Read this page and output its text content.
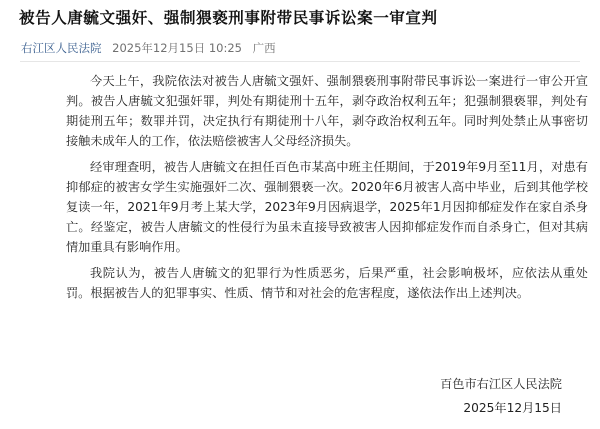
被告人唐毓文强奸、强制猥亵刑事附带民事诉讼案一审宣判
右江区人民法院 2025年12月15日 10:25 广西

今天上午，我院依法对被告人唐毓文强奸、强制猥亵刑事附带民事诉讼一案进行一审公开宣判。被告人唐毓文犯强奸罪，判处有期徒刑十五年，剥夺政治权利五年；犯强制猥亵罪，判处有期徒刑五年；数罪并罚，决定执行有期徒刑十八年，剥夺政治权利五年。同时判处禁止从事密切接触未成年人的工作，依法赔偿被害人父母经济损失。

经审理查明，被告人唐毓文在担任百色市某高中班主任期间，于2019年9月至11月，对患有抑郁症的被害女学生实施强奸二次、强制猥亵一次。2020年6月被害人高中毕业，后到其他学校复读一年，2021年9月考上某大学，2023年9月因病退学，2025年1月因抑郁症发作在家自杀身亡。经鉴定，被告人唐毓文的性侵行为虽未直接导致被害人因抑郁症发作而自杀身亡，但对其病情加重具有影响作用。

我院认为，被告人唐毓文的犯罪行为性质恶劣，后果严重，社会影响极坏，应依法从重处罚。根据被告人的犯罪事实、性质、情节和对社会的危害程度，遂依法作出上述判决。

百色市右江区人民法院
2025年12月15日
